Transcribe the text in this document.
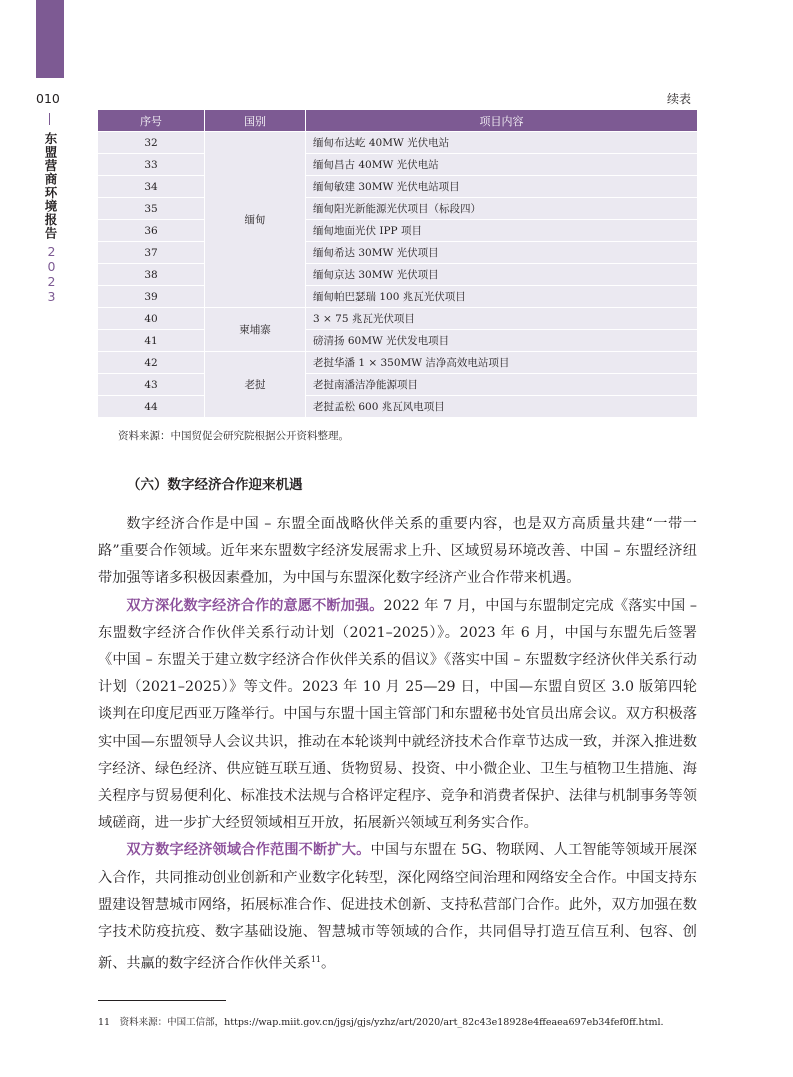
010
东盟营商环境报告
2023
续表
序号	国别	项目内容
32	缅甸	缅甸布达屹 40MW 光伏电站
33		缅甸昌古 40MW 光伏电站
34		缅甸敏建 30MW 光伏电站项目
35		缅甸阳光新能源光伏项目（标段四）
36		缅甸地面光伏 IPP 项目
37		缅甸希达 30MW 光伏项目
38		缅甸京达 30MW 光伏项目
39		缅甸帕巴瑟瑞 100 兆瓦光伏项目
40	柬埔寨	3 × 75 兆瓦光伏项目
41		磅清扬 60MW 光伏发电项目
42	老挝	老挝华潘 1 × 350MW 洁净高效电站项目
43		老挝南潘洁净能源项目
44		老挝孟松 600 兆瓦风电项目
资料来源：中国贸促会研究院根据公开资料整理。
（六）数字经济合作迎来机遇

数字经济合作是中国 – 东盟全面战略伙伴关系的重要内容，也是双方高质量共建“一带一路”重要合作领域。近年来东盟数字经济发展需求上升、区域贸易环境改善、中国 – 东盟经济纽带加强等诸多积极因素叠加，为中国与东盟深化数字经济产业合作带来机遇。

双方深化数字经济合作的意愿不断加强。2022 年 7 月，中国与东盟制定完成《落实中国 – 东盟数字经济合作伙伴关系行动计划（2021–2025）》。2023 年 6 月，中国与东盟先后签署《中国 – 东盟关于建立数字经济合作伙伴关系的倡议》《落实中国 – 东盟数字经济伙伴关系行动计划（2021–2025）》等文件。2023 年 10 月 25—29 日，中国—东盟自贸区 3.0 版第四轮谈判在印度尼西亚万隆举行。中国与东盟十国主管部门和东盟秘书处官员出席会议。双方积极落实中国—东盟领导人会议共识，推动在本轮谈判中就经济技术合作章节达成一致，并深入推进数字经济、绿色经济、供应链互联互通、货物贸易、投资、中小微企业、卫生与植物卫生措施、海关程序与贸易便利化、标准技术法规与合格评定程序、竞争和消费者保护、法律与机制事务等领域磋商，进一步扩大经贸领域相互开放，拓展新兴领域互利务实合作。

双方数字经济领域合作范围不断扩大。中国与东盟在 5G、物联网、人工智能等领域开展深入合作，共同推动创业创新和产业数字化转型，深化网络空间治理和网络安全合作。中国支持东盟建设智慧城市网络，拓展标准合作、促进技术创新、支持私营部门合作。此外，双方加强在数字技术防疫抗疫、数字基础设施、智慧城市等领域的合作，共同倡导打造互信互利、包容、创新、共赢的数字经济合作伙伴关系$^{11}$。

11　资料来源：中国工信部，https://wap.miit.gov.cn/jgsj/gjs/yzhz/art/2020/art_82c43e18928e4ffeaea697eb34fef0ff.html.
